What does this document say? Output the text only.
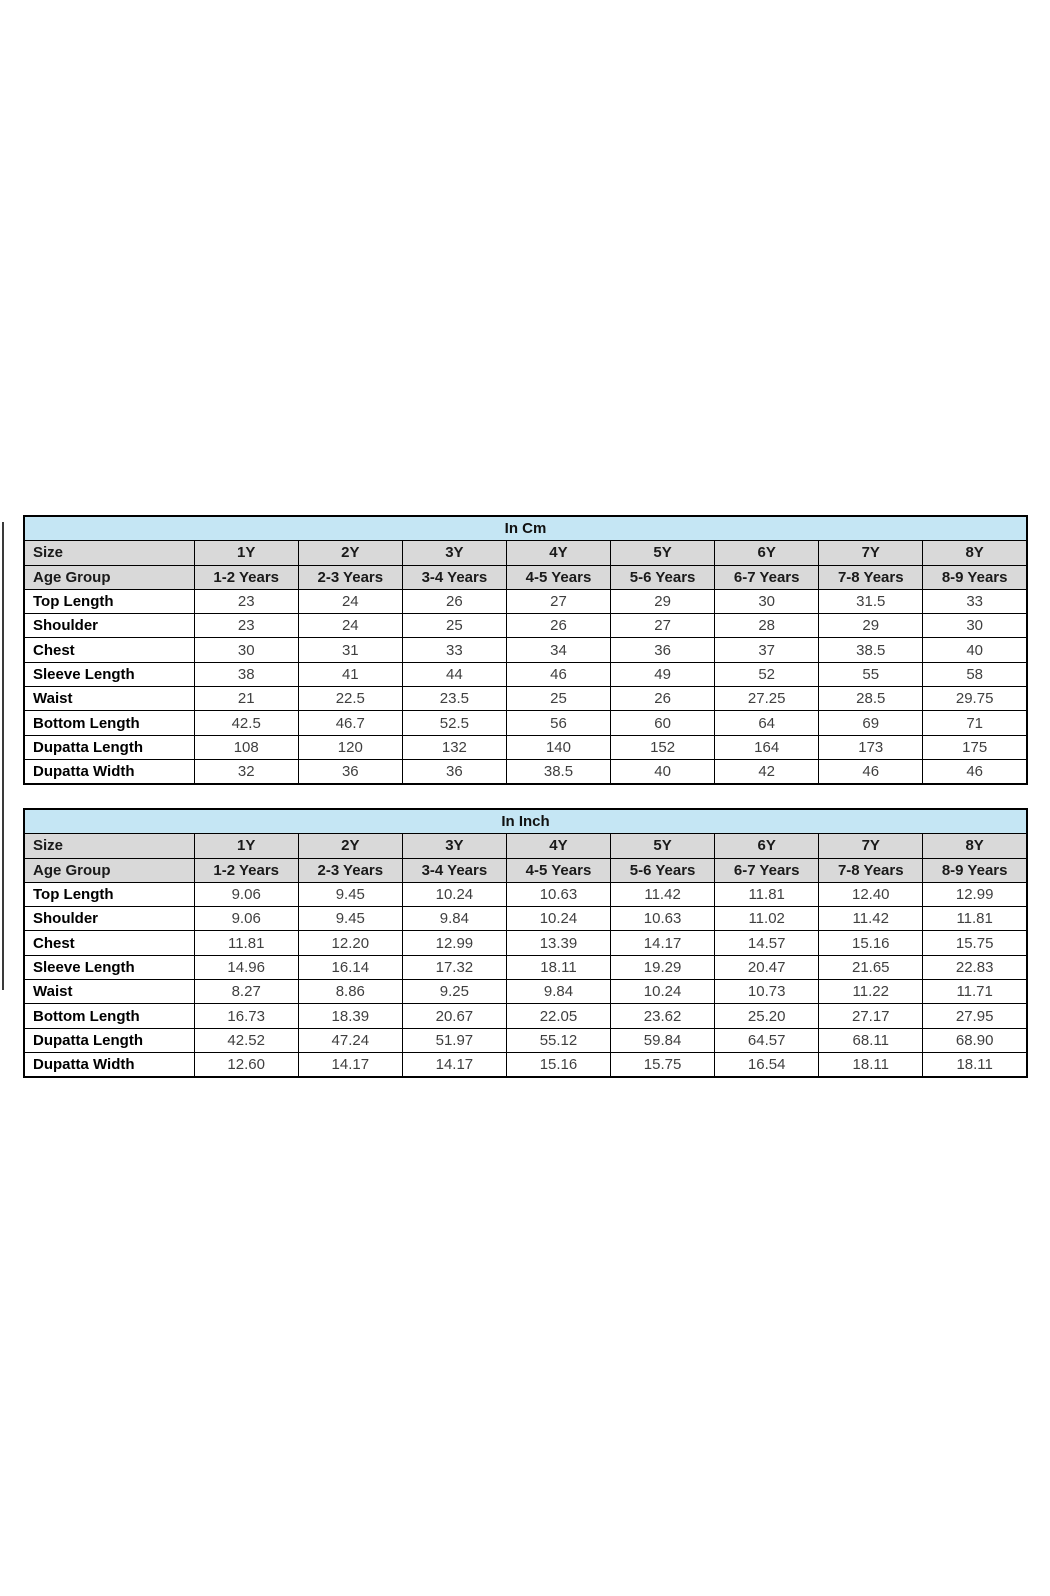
In Cm								
Size	1Y	2Y	3Y	4Y	5Y	6Y	7Y	8Y
Age Group	1-2 Years	2-3 Years	3-4 Years	4-5 Years	5-6 Years	6-7 Years	7-8 Years	8-9 Years
Top Length	23	24	26	27	29	30	31.5	33
Shoulder	23	24	25	26	27	28	29	30
Chest	30	31	33	34	36	37	38.5	40
Sleeve Length	38	41	44	46	49	52	55	58
Waist	21	22.5	23.5	25	26	27.25	28.5	29.75
Bottom Length	42.5	46.7	52.5	56	60	64	69	71
Dupatta Length	108	120	132	140	152	164	173	175
Dupatta Width	32	36	36	38.5	40	42	46	46
In Inch								
Size	1Y	2Y	3Y	4Y	5Y	6Y	7Y	8Y
Age Group	1-2 Years	2-3 Years	3-4 Years	4-5 Years	5-6 Years	6-7 Years	7-8 Years	8-9 Years
Top Length	9.06	9.45	10.24	10.63	11.42	11.81	12.40	12.99
Shoulder	9.06	9.45	9.84	10.24	10.63	11.02	11.42	11.81
Chest	11.81	12.20	12.99	13.39	14.17	14.57	15.16	15.75
Sleeve Length	14.96	16.14	17.32	18.11	19.29	20.47	21.65	22.83
Waist	8.27	8.86	9.25	9.84	10.24	10.73	11.22	11.71
Bottom Length	16.73	18.39	20.67	22.05	23.62	25.20	27.17	27.95
Dupatta Length	42.52	47.24	51.97	55.12	59.84	64.57	68.11	68.90
Dupatta Width	12.60	14.17	14.17	15.16	15.75	16.54	18.11	18.11
